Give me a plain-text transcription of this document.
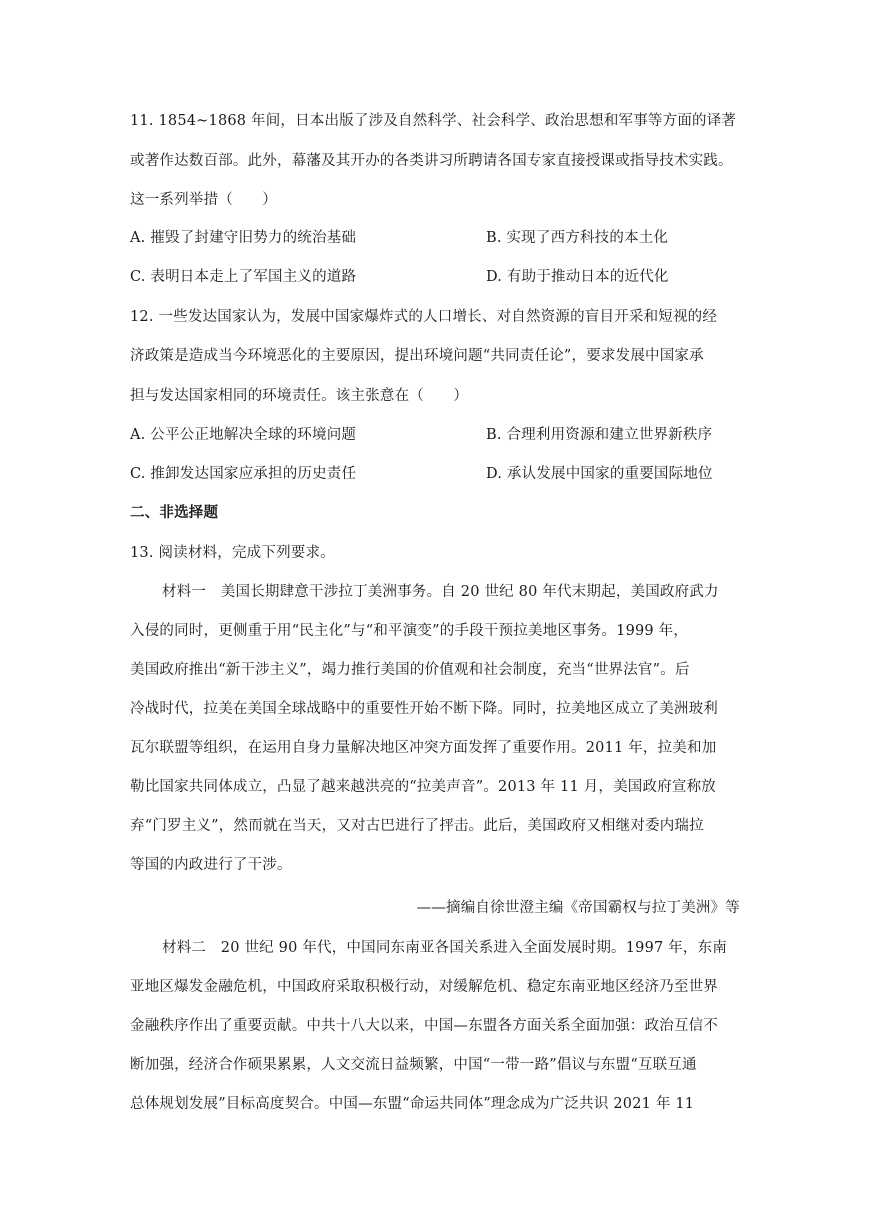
11. 1854~1868 年间，日本出版了涉及自然科学、社会科学、政治思想和军事等方面的译著
或著作达数百部。此外，幕藩及其开办的各类讲习所聘请各国专家直接授课或指导技术实践。
这一系列举措（　　）
A. 摧毁了封建守旧势力的统治基础	B. 实现了西方科技的本土化
C. 表明日本走上了军国主义的道路	D. 有助于推动日本的近代化
12. 一些发达国家认为，发展中国家爆炸式的人口增长、对自然资源的盲目开采和短视的经
济政策是造成当今环境恶化的主要原因，提出环境问题“共同责任论”，要求发展中国家承
担与发达国家相同的环境责任。该主张意在（　　）
A. 公平公正地解决全球的环境问题	B. 合理利用资源和建立世界新秩序
C. 推卸发达国家应承担的历史责任	D. 承认发展中国家的重要国际地位
二、非选择题
13. 阅读材料，完成下列要求。
材料一　美国长期肆意干涉拉丁美洲事务。自 20 世纪 80 年代末期起，美国政府武力
入侵的同时，更侧重于用“民主化”与“和平演变”的手段干预拉美地区事务。1999 年，
美国政府推出“新干涉主义”，竭力推行美国的价值观和社会制度，充当“世界法官”。后
冷战时代，拉美在美国全球战略中的重要性开始不断下降。同时，拉美地区成立了美洲玻利
瓦尔联盟等组织，在运用自身力量解决地区冲突方面发挥了重要作用。2011 年，拉美和加
勒比国家共同体成立，凸显了越来越洪亮的“拉美声音”。2013 年 11 月，美国政府宣称放
弃“门罗主义”，然而就在当天，又对古巴进行了抨击。此后，美国政府又相继对委内瑞拉
等国的内政进行了干涉。
——摘编自徐世澄主编《帝国霸权与拉丁美洲》等
材料二　20 世纪 90 年代，中国同东南亚各国关系进入全面发展时期。1997 年，东南
亚地区爆发金融危机，中国政府采取积极行动，对缓解危机、稳定东南亚地区经济乃至世界
金融秩序作出了重要贡献。中共十八大以来，中国—东盟各方面关系全面加强：政治互信不
断加强，经济合作硕果累累，人文交流日益频繁，中国“一带一路”倡议与东盟“互联互通
总体规划发展”目标高度契合。中国—东盟“命运共同体”理念成为广泛共识 2021 年 11
